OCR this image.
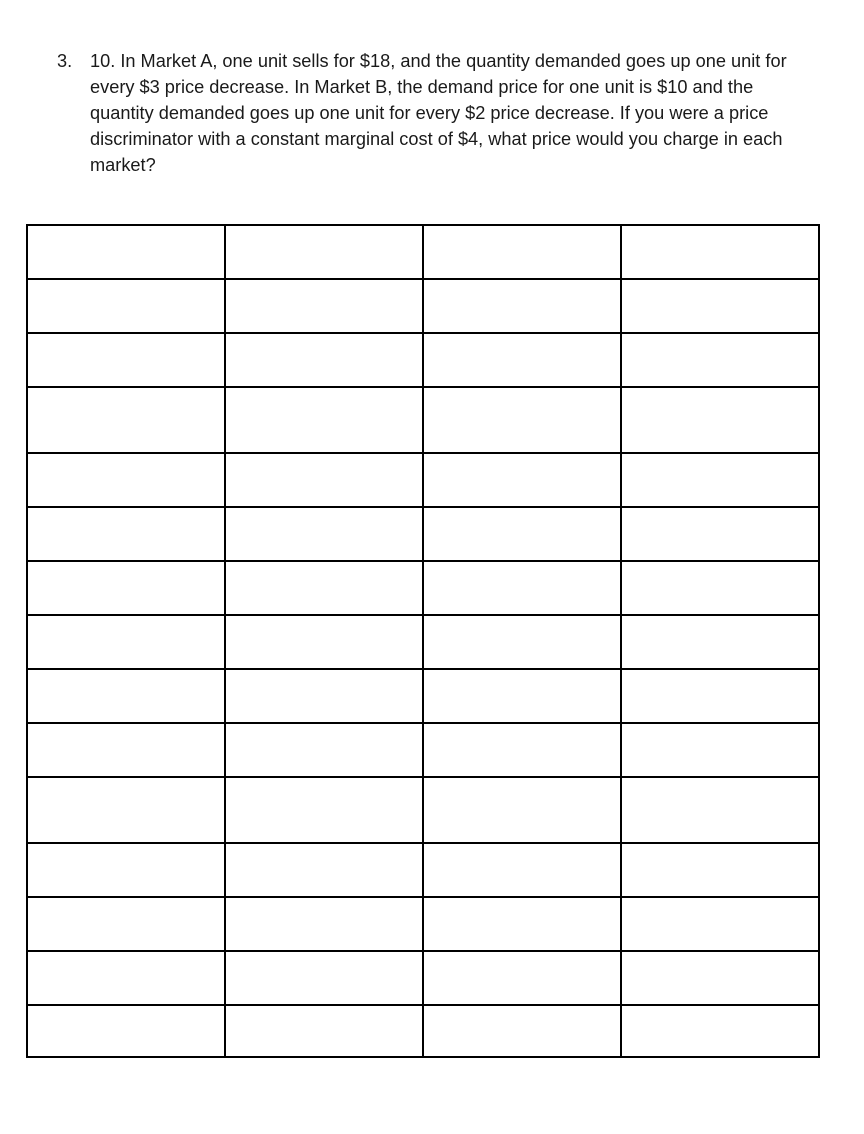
3. 10. In Market A, one unit sells for $18, and the quantity demanded goes up one unit for every $3 price decrease. In Market B, the demand price for one unit is $10 and the quantity demanded goes up one unit for every $2 price decrease. If you were a price discriminator with a constant marginal cost of $4, what price would you charge in each market?
